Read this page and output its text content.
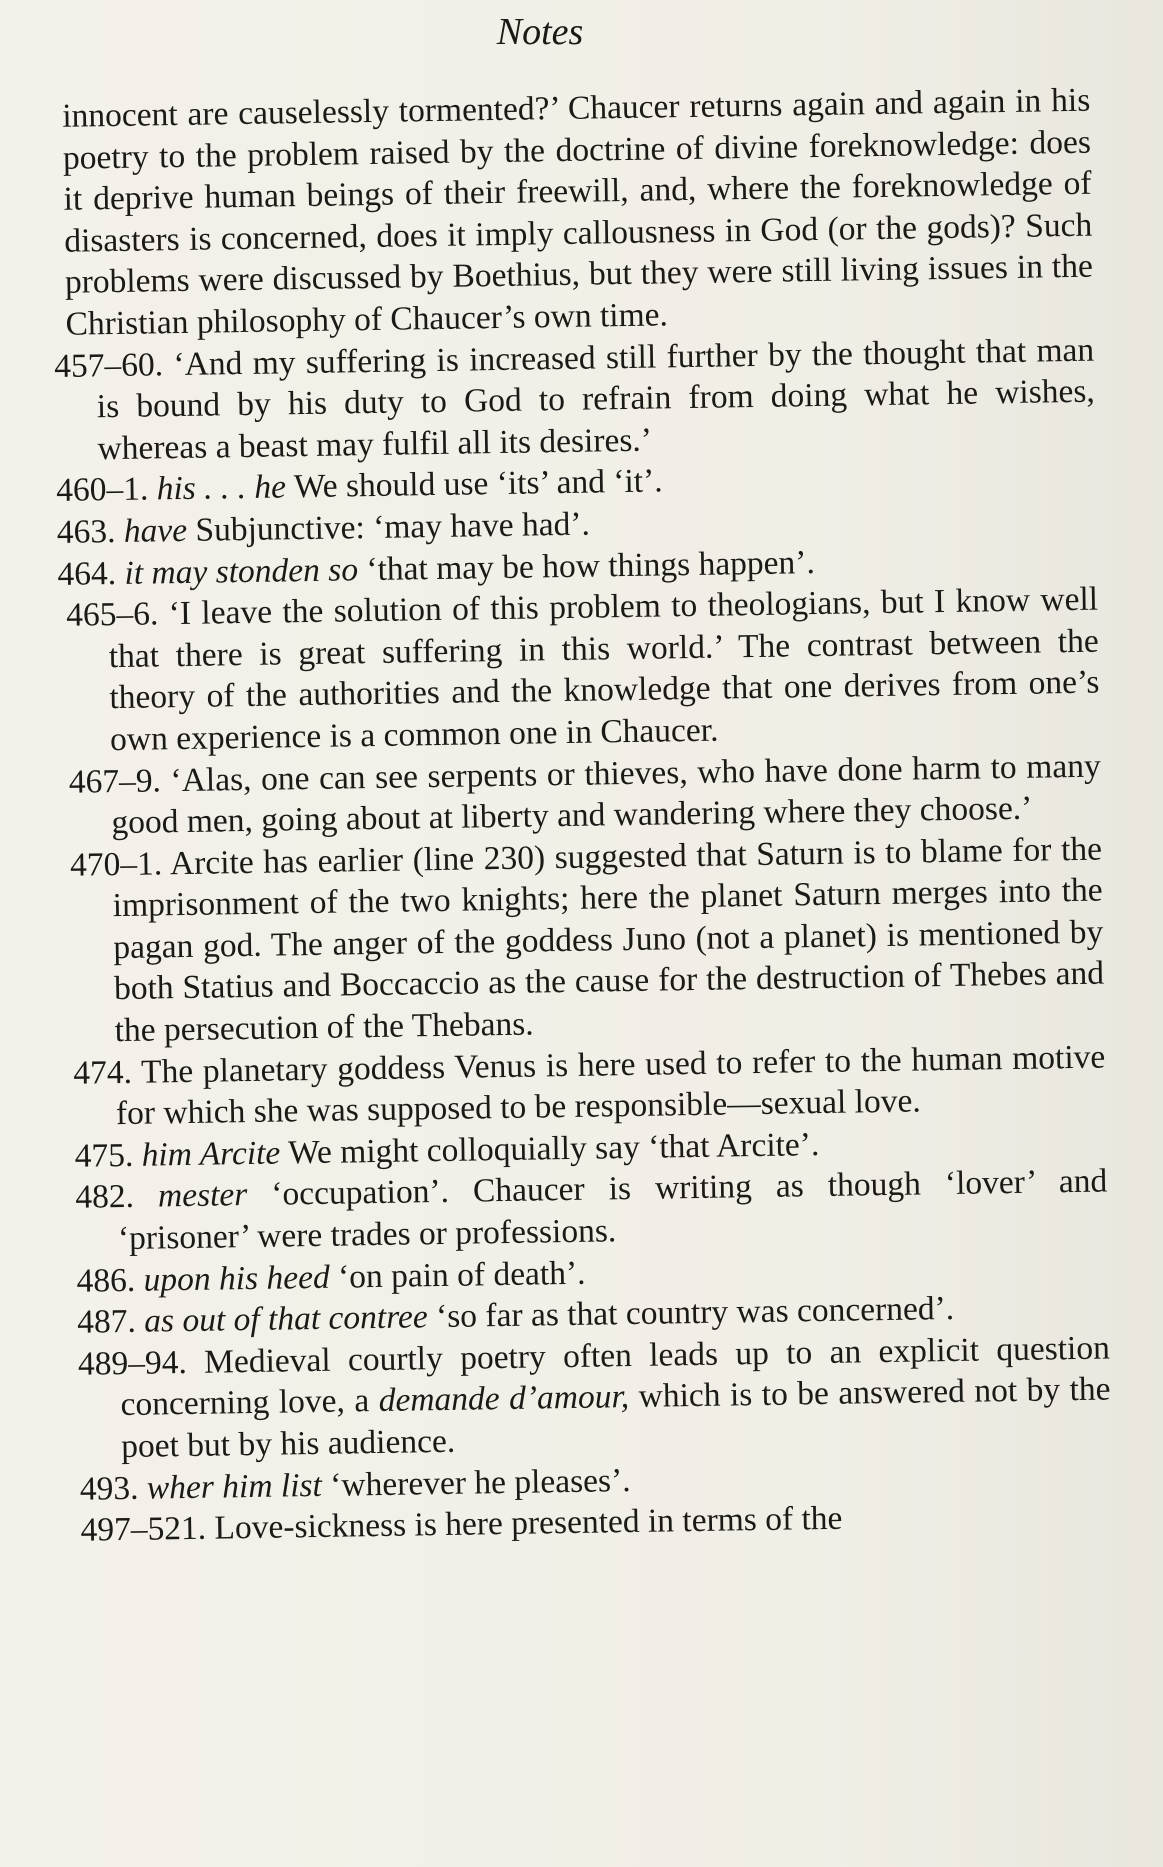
Notes

innocent are causelessly tormented?’ Chaucer returns again and again in his poetry to the problem raised by the doctrine of divine foreknowledge: does it deprive human beings of their freewill, and, where the foreknowledge of disasters is concerned, does it imply callousness in God (or the gods)? Such problems were discussed by Boethius, but they were still living issues in the Christian philosophy of Chaucer’s own time.

457–60. ‘And my suffering is increased still further by the thought that man is bound by his duty to God to refrain from doing what he wishes, whereas a beast may fulfil all its desires.’

460–1. his . . . he We should use ‘its’ and ‘it’.

463. have Subjunctive: ‘may have had’.

464. it may stonden so ‘that may be how things happen’.

465–6. ‘I leave the solution of this problem to theologians, but I know well that there is great suffering in this world.’ The contrast between the theory of the authorities and the knowledge that one derives from one’s own experience is a common one in Chaucer.

467–9. ‘Alas, one can see serpents or thieves, who have done harm to many good men, going about at liberty and wandering where they choose.’

470–1. Arcite has earlier (line 230) suggested that Saturn is to blame for the imprisonment of the two knights; here the planet Saturn merges into the pagan god. The anger of the goddess Juno (not a planet) is mentioned by both Statius and Boccaccio as the cause for the destruction of Thebes and the persecution of the Thebans.

474. The planetary goddess Venus is here used to refer to the human motive for which she was supposed to be responsible—sexual love.

475. him Arcite We might colloquially say ‘that Arcite’.

482. mester ‘occupation’. Chaucer is writing as though ‘lover’ and ‘prisoner’ were trades or professions.

486. upon his heed ‘on pain of death’.

487. as out of that contree ‘so far as that country was concerned’.

489–94. Medieval courtly poetry often leads up to an explicit question concerning love, a demande d’amour, which is to be answered not by the poet but by his audience.

493. wher him list ‘wherever he pleases’.

497–521. Love-sickness is here presented in terms of the
